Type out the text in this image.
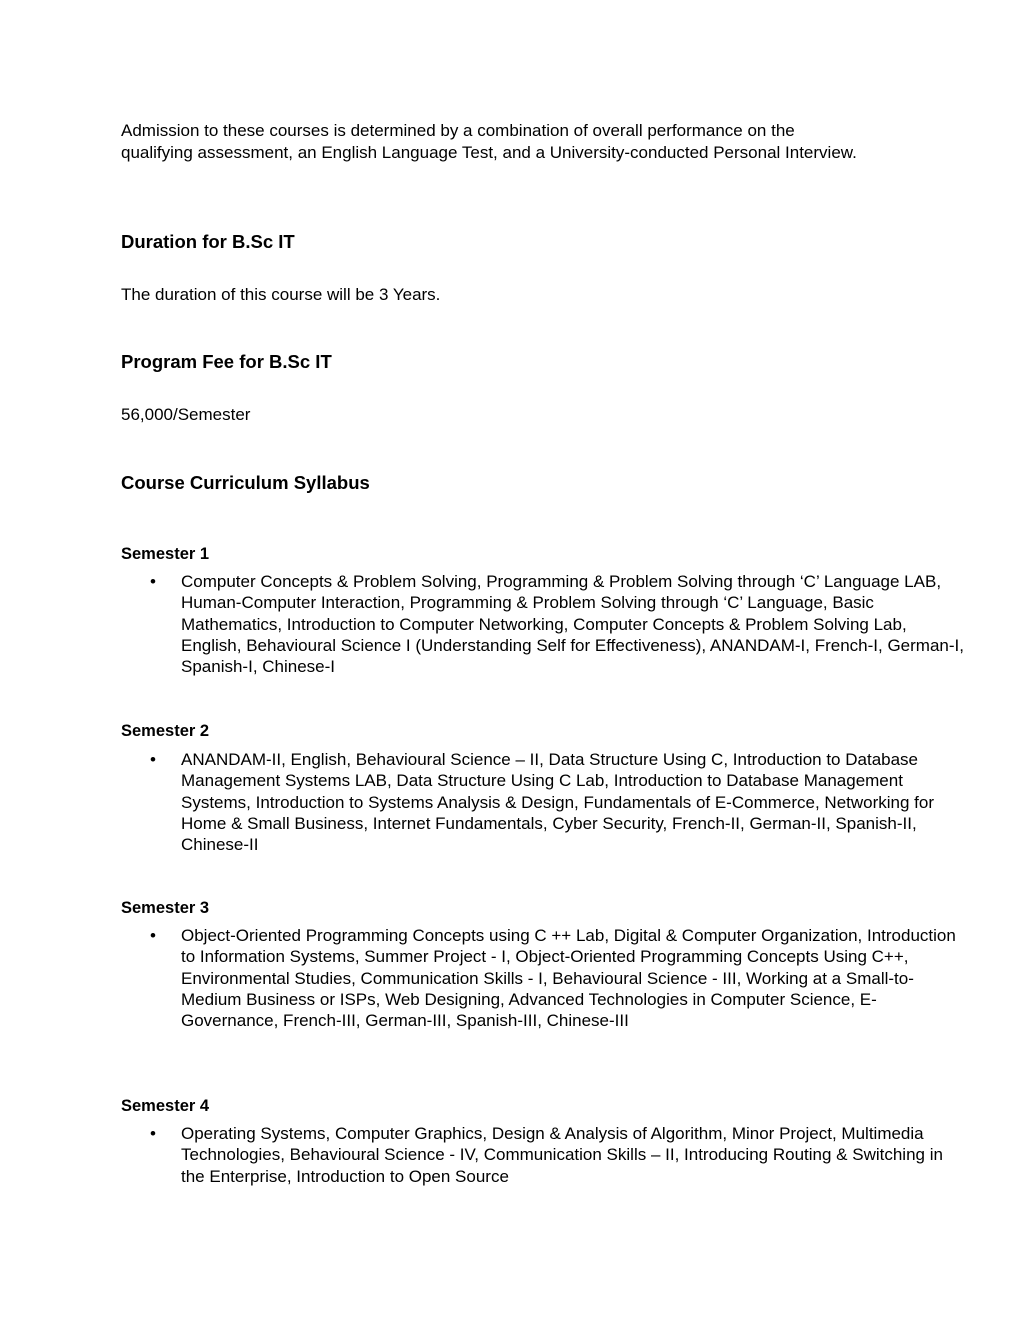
Admission to these courses is determined by a combination of overall performance on the qualifying assessment, an English Language Test, and a University-conducted Personal Interview.

Duration for B.Sc IT

The duration of this course will be 3 Years.

Program Fee for B.Sc IT

56,000/Semester

Course Curriculum Syllabus
Semester 1
• Computer Concepts & Problem Solving, Programming & Problem Solving through ‘C’ Language LAB, Human-Computer Interaction, Programming & Problem Solving through ‘C’ Language, Basic Mathematics, Introduction to Computer Networking, Computer Concepts & Problem Solving Lab, English, Behavioural Science I (Understanding Self for Effectiveness), ANANDAM-I, French-I, German-I, Spanish-I, Chinese-I
Semester 2
• ANANDAM-II, English, Behavioural Science – II, Data Structure Using C, Introduction to Database Management Systems LAB, Data Structure Using C Lab, Introduction to Database Management Systems, Introduction to Systems Analysis & Design, Fundamentals of E-Commerce, Networking for Home & Small Business, Internet Fundamentals, Cyber Security, French-II, German-II, Spanish-II, Chinese-II
Semester 3
• Object-Oriented Programming Concepts using C ++ Lab, Digital & Computer Organization, Introduction to Information Systems, Summer Project - I, Object-Oriented Programming Concepts Using C++, Environmental Studies, Communication Skills - I, Behavioural Science - III, Working at a Small-to-Medium Business or ISPs, Web Designing, Advanced Technologies in Computer Science, E-Governance, French-III, German-III, Spanish-III, Chinese-III
Semester 4
• Operating Systems, Computer Graphics, Design & Analysis of Algorithm, Minor Project, Multimedia Technologies, Behavioural Science - IV, Communication Skills – II, Introducing Routing & Switching in the Enterprise, Introduction to Open Source
